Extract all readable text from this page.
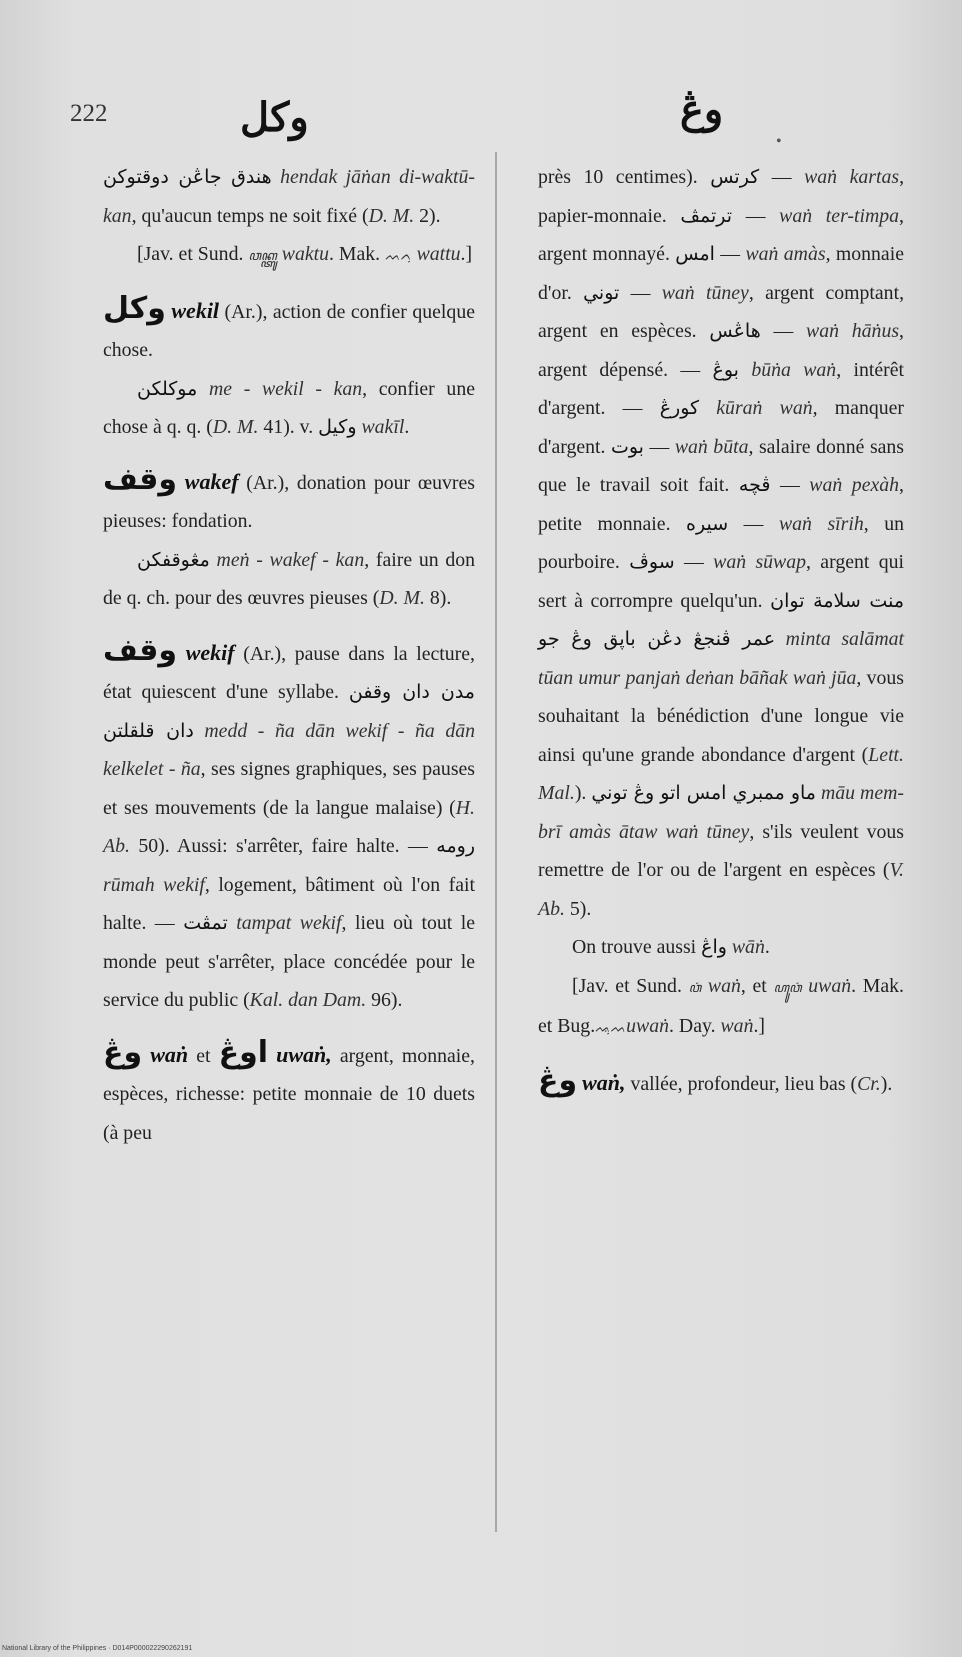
222	وكل	وڠ
•

هندق جاڠن دوقتوكن hendak jāṅan di-waktū-kan, qu'aucun temps ne soit fixé (D. M. 2).

[Jav. et Sund. ꦮꦏ꧀ꦠꦸ waktu. Mak. ᨓᨈᨘ wattu.]

وكل wekil (Ar.), action de confier quelque chose.

موكلكن me - wekil - kan, confier une chose à q. q. (D. M. 41). v. وكيل wakīl.

وقف wakef (Ar.), donation pour œuvres pieuses: fondation.

مڠوقفكن meṅ - wakef - kan, faire un don de q. ch. pour des œuvres pieuses (D. M. 8).

وقف wekif (Ar.), pause dans la lecture, état quiescent d'une syllabe. مدن دان وقفن دان قلقلتن medd - ña dān wekif - ña dān kelkelet - ña, ses signes graphiques, ses pauses et ses mouvements (de la langue malaise) (H. Ab. 50). Aussi: s'arrêter, faire halte. — رومه rūmah wekif, logement, bâtiment où l'on fait halte. — تمڤت tampat wekif, lieu où tout le monde peut s'arrêter, place concédée pour le service du public (Kal. dan Dam. 96).

وڠ waṅ et اوڠ uwaṅ, argent, monnaie, espèces, richesse: petite monnaie de 10 duets (à peu

près 10 centimes). كرتس — waṅ kartas, papier-monnaie. ترتمڤ — waṅ ter-timpa, argent monnayé. امس — waṅ amàs, monnaie d'or. توني — waṅ tūney, argent comptant, argent en espèces. هاڠس — waṅ hāṅus, argent dépensé. — بوڠ būṅa waṅ, intérêt d'argent. — كورڠ kūraṅ waṅ, manquer d'argent. بوت — waṅ būta, salaire donné sans que le travail soit fait. ڤچه — waṅ pexàh, petite monnaie. سيره — waṅ sīrih, un pourboire. سوڤ — waṅ sūwap, argent qui sert à corrompre quelqu'un. منت سلامة توان عمر ڤنجڠ دڠن باڽق وڠ جو minta salāmat tūan umur panjaṅ deṅan bāñak waṅ jūa, vous souhaitant la bénédiction d'une longue vie ainsi qu'une grande abondance d'argent (Lett. Mal.). ماو ممبري امس اتو وڠ توني māu mem-brī amàs ātaw waṅ tūney, s'ils veulent vous remettre de l'or ou de l'argent en espèces (V. Ab. 5).

On trouve aussi واڠ wāṅ.

[Jav. et Sund. ꦮꦁ waṅ, et ꦲꦸꦮꦁ uwaṅ. Mak. et Bug.ᨕᨘᨓuwaṅ. Day. waṅ.]

وڠ waṅ, vallée, profondeur, lieu bas (Cr.).

National Library of the Philippines · D014P000022290262191
